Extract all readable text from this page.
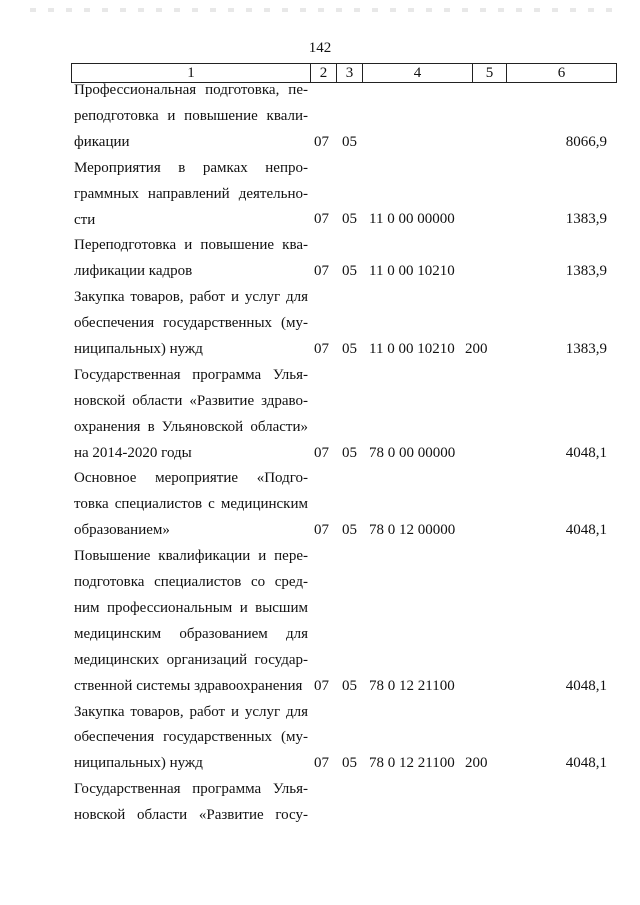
142
1	2	3	4	5	6
Профессиональная подготовка, пе-
реподготовка и повышение квали-
фикации	07 05	8066,9
Мероприятия в рамках непро-
граммных направлений деятельно-
сти	07 05 11 0 00 00000	1383,9
Переподготовка и повышение ква-
лификации кадров	07 05 11 0 00 10210	1383,9
Закупка товаров, работ и услуг для
обеспечения государственных (му-
ниципальных) нужд	07 05 11 0 00 10210 200	1383,9
Государственная программа Улья-
новской области «Развитие здраво-
охранения в Ульяновской области»
на 2014-2020 годы	07 05 78 0 00 00000	4048,1
Основное мероприятие «Подго-
товка специалистов с медицинским
образованием»	07 05 78 0 12 00000	4048,1
Повышение квалификации и пере-
подготовка специалистов со сред-
ним профессиональным и высшим
медицинским образованием для
медицинских организаций государ-
ственной системы здравоохранения 07 05 78 0 12 21100	4048,1
Закупка товаров, работ и услуг для
обеспечения государственных (му-
ниципальных) нужд	07 05 78 0 12 21100 200	4048,1
Государственная программа Улья-
новской области «Развитие госу-
